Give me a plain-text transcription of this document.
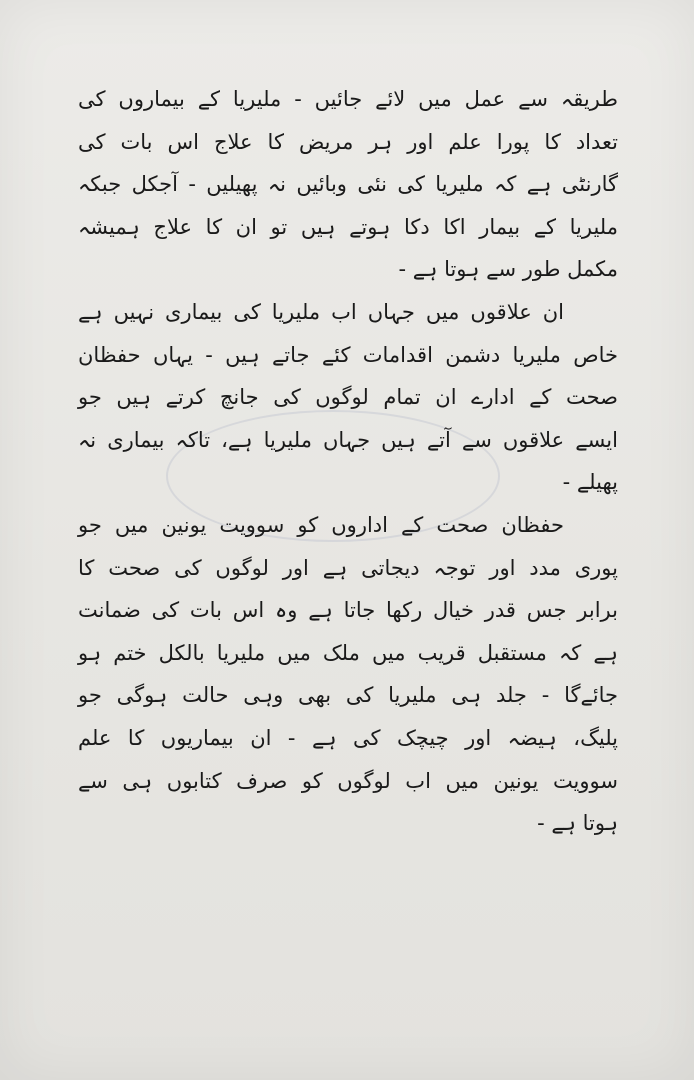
طریقہ سے عمل میں لائے جائیں - ملیریا کے بیماروں کی
تعداد کا پورا علم اور ہر مریض کا علاج اس بات کی
گارنٹی ہے کہ ملیریا کی نئی وبائیں نہ پھیلیں - آجکل جبکہ
ملیریا کے بیمار اکا دکا ہوتے ہیں تو ان کا علاج ہمیشہ
مکمل طور سے ہوتا ہے -

ان علاقوں میں جہاں اب ملیریا کی بیماری نہیں ہے
خاص ملیریا دشمن اقدامات کئے جاتے ہیں - یہاں حفظان
صحت کے ادارے ان تمام لوگوں کی جانچ کرتے ہیں جو
ایسے علاقوں سے آتے ہیں جہاں ملیریا ہے، تاکہ بیماری نہ
پھیلے -

حفظان صحت کے اداروں کو سوویت یونین میں جو
پوری مدد اور توجہ دیجاتی ہے اور لوگوں کی صحت کا
برابر جس قدر خیال رکھا جاتا ہے وہ اس بات کی ضمانت
ہے کہ مستقبل قریب میں ملک میں ملیریا بالکل ختم ہو
جائےگا - جلد ہی ملیریا کی بھی وہی حالت ہوگی جو
پلیگ، ہیضہ اور چیچک کی ہے - ان بیماریوں کا علم
سوویت یونین میں اب لوگوں کو صرف کتابوں ہی سے
ہوتا ہے -
